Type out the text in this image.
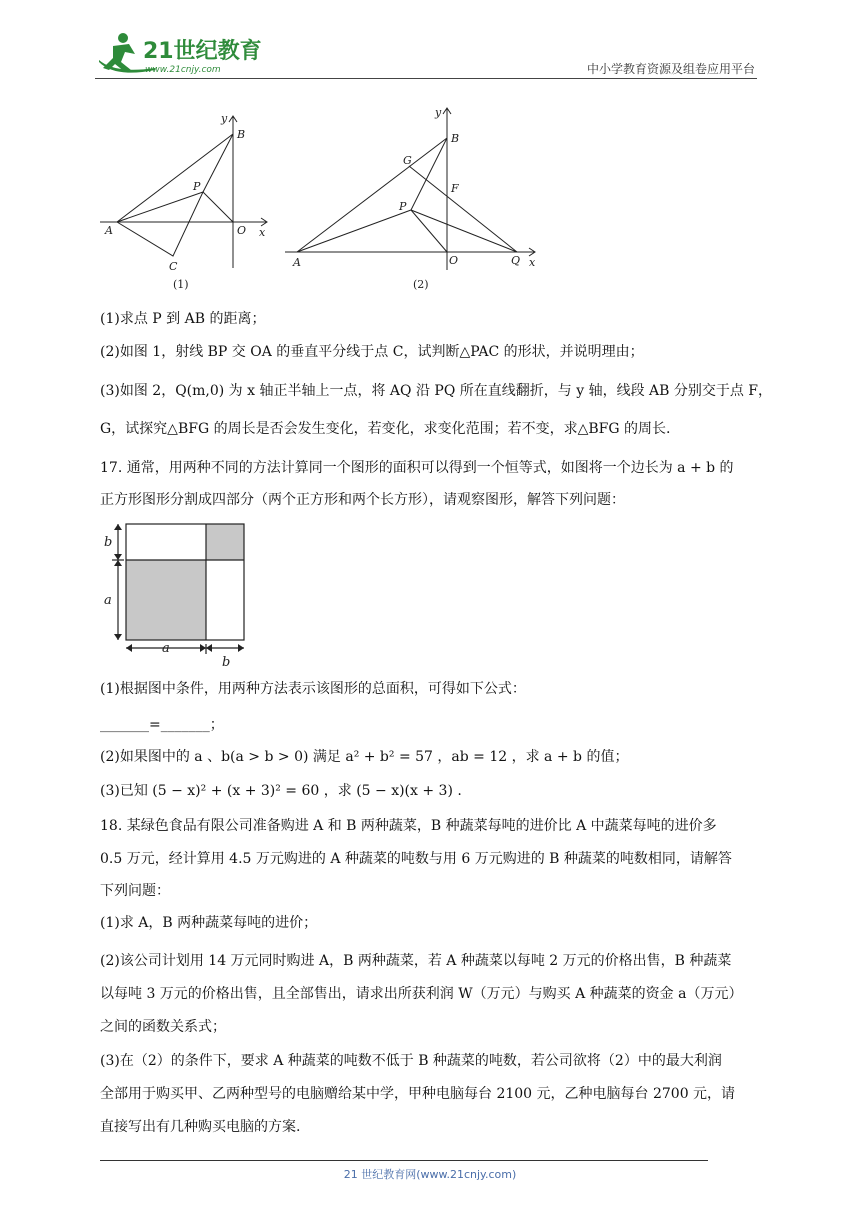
21世纪教育
www.21cnjy.com	中小学教育资源及组卷应用平台
y
B
P
A	O x
C
(1)
y
B
G
F
P
A	O	Q x
(2)
(1)求点 P 到 AB 的距离；
(2)如图 1，射线 BP 交 OA 的垂直平分线于点 C，试判断△PAC 的形状，并说明理由；
(3)如图 2，Q(m,0) 为 x 轴正半轴上一点，将 AQ 沿 PQ 所在直线翻折，与 y 轴，线段 AB 分别交于点 F，
G，试探究△BFG 的周长是否会发生变化，若变化，求变化范围；若不变，求△BFG 的周长.
17. 通常，用两种不同的方法计算同一个图形的面积可以得到一个恒等式，如图将一个边长为 a + b 的
正方形图形分割成四部分（两个正方形和两个长方形），请观察图形，解答下列问题：
b
a
a
b
(1)根据图中条件，用两种方法表示该图形的总面积，可得如下公式：
_______=_______；
(2)如果图中的 a 、b(a > b > 0) 满足 a² + b² = 57 ，ab = 12 ，求 a + b 的值；
(3)已知 (5 − x)² + (x + 3)² = 60 ，求 (5 − x)(x + 3) .
18. 某绿色食品有限公司准备购进 A 和 B 两种蔬菜，B 种蔬菜每吨的进价比 A 中蔬菜每吨的进价多
0.5 万元，经计算用 4.5 万元购进的 A 种蔬菜的吨数与用 6 万元购进的 B 种蔬菜的吨数相同，请解答
下列问题：
(1)求 A，B 两种蔬菜每吨的进价；
(2)该公司计划用 14 万元同时购进 A，B 两种蔬菜，若 A 种蔬菜以每吨 2 万元的价格出售，B 种蔬菜
以每吨 3 万元的价格出售，且全部售出，请求出所获利润 W（万元）与购买 A 种蔬菜的资金 a（万元）
之间的函数关系式；
(3)在（2）的条件下，要求 A 种蔬菜的吨数不低于 B 种蔬菜的吨数，若公司欲将（2）中的最大利润
全部用于购买甲、乙两种型号的电脑赠给某中学，甲种电脑每台 2100 元，乙种电脑每台 2700 元，请
直接写出有几种购买电脑的方案.
21 世纪教育网(www.21cnjy.com)
